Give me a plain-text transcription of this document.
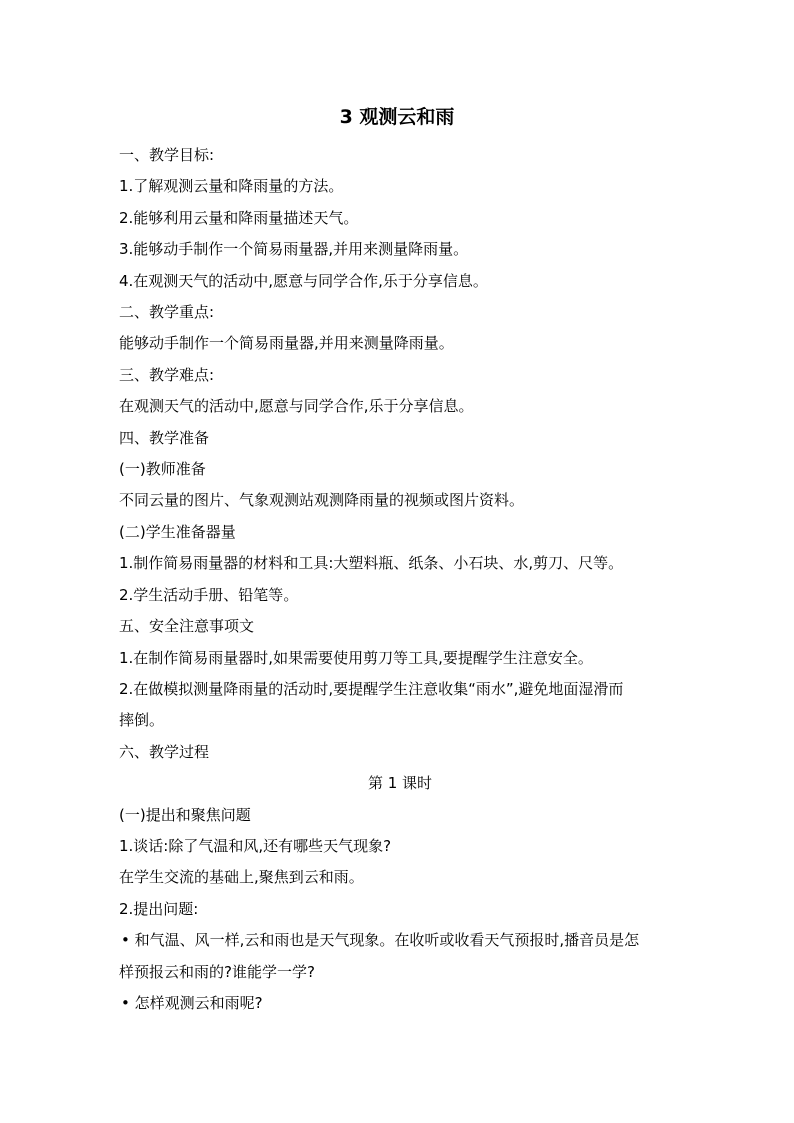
3 观测云和雨

一、教学目标:

1.了解观测云量和降雨量的方法。

2.能够利用云量和降雨量描述天气。

3.能够动手制作一个简易雨量器,并用来测量降雨量。

4.在观测天气的活动中,愿意与同学合作,乐于分享信息。

二、教学重点:

能够动手制作一个简易雨量器,并用来测量降雨量。

三、教学难点:

在观测天气的活动中,愿意与同学合作,乐于分享信息。

四、教学准备

(一)教师准备

不同云量的图片、气象观测站观测降雨量的视频或图片资料。

(二)学生准备器量

1.制作简易雨量器的材料和工具:大塑料瓶、纸条、小石块、水,剪刀、尺等。

2.学生活动手册、铅笔等。

五、安全注意事项文

1.在制作简易雨量器时,如果需要使用剪刀等工具,要提醒学生注意安全。

2.在做模拟测量降雨量的活动时,要提醒学生注意收集“雨水”,避免地面湿滑而

摔倒。

六、教学过程

第 1 课时

(一)提出和聚焦问题

1.谈话:除了气温和风,还有哪些天气现象?

在学生交流的基础上,聚焦到云和雨。

2.提出问题:

• 和气温、风一样,云和雨也是天气现象。在收听或收看天气预报时,播音员是怎

样预报云和雨的?谁能学一学?

• 怎样观测云和雨呢?
